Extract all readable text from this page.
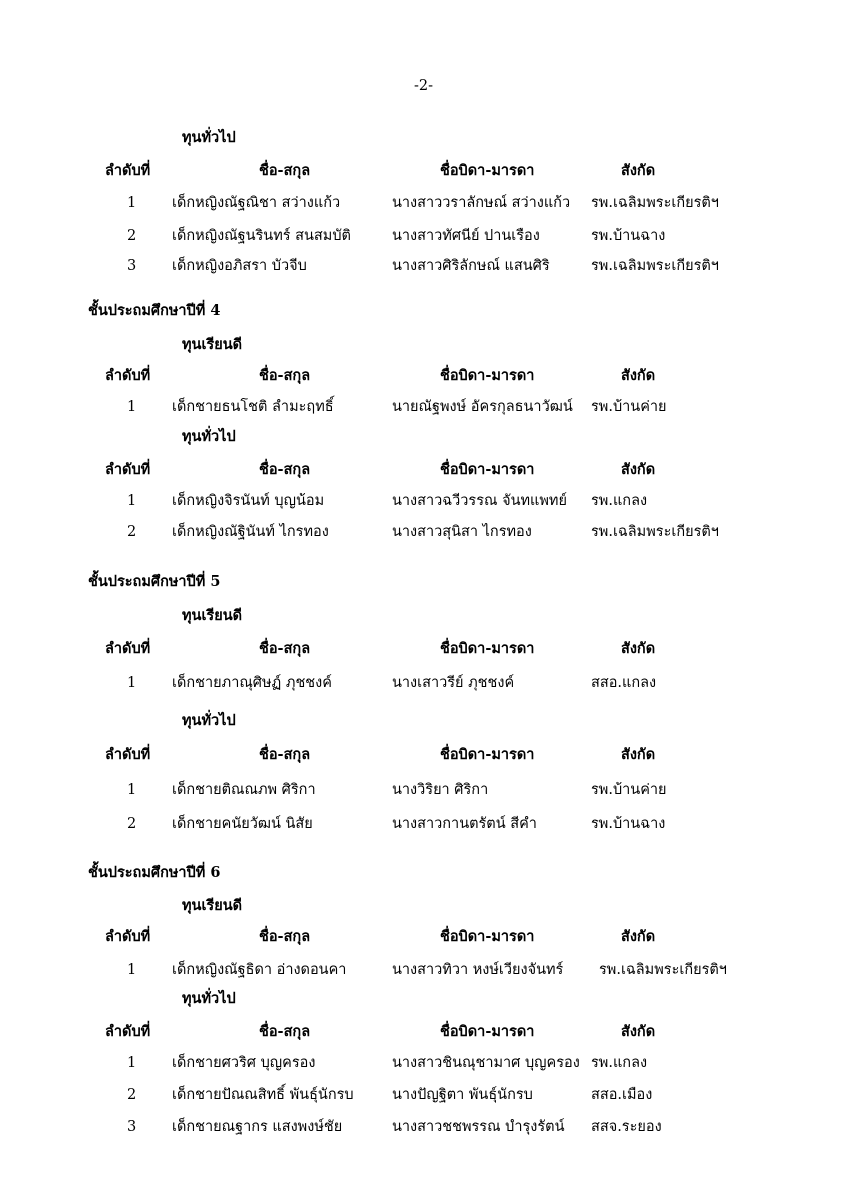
-2-
ทุนทั่วไป
ลำดับที่	ชื่อ-สกุล	ชื่อบิดา-มารดา	สังกัด
1 เด็กหญิงณัฐณิชา สว่างแก้ว	นางสาววราลักษณ์ สว่างแก้ว รพ.เฉลิมพระเกียรติฯ
2 เด็กหญิงณัฐนรินทร์ สนสมบัติ	นางสาวทัศนีย์ ปานเรือง	รพ.บ้านฉาง
3 เด็กหญิงอภิสรา บัวจีบ	นางสาวศิริลักษณ์ แสนศิริ	รพ.เฉลิมพระเกียรติฯ
ชั้นประถมศึกษาปีที่ 4
ทุนเรียนดี
ลำดับที่	ชื่อ-สกุล	ชื่อบิดา-มารดา	สังกัด
1 เด็กชายธนโชติ ลำมะฤทธิ์	นายณัฐพงษ์ อัครกุลธนาวัฒน์ รพ.บ้านค่าย
ทุนทั่วไป
ลำดับที่	ชื่อ-สกุล	ชื่อบิดา-มารดา	สังกัด
1 เด็กหญิงจิรนันท์ บุญน้อม	นางสาวฉวีวรรณ จันทแพทย์ รพ.แกลง
2 เด็กหญิงณัฐินันท์ ไกรทอง	นางสาวสุนิสา ไกรทอง	รพ.เฉลิมพระเกียรติฯ
ชั้นประถมศึกษาปีที่ 5
ทุนเรียนดี
ลำดับที่	ชื่อ-สกุล	ชื่อบิดา-มารดา	สังกัด
1 เด็กชายภาณุศิษฏ์ ภุชชงค์	นางเสาวรีย์ ภุชชงค์	สสอ.แกลง
ทุนทั่วไป
ลำดับที่	ชื่อ-สกุล	ชื่อบิดา-มารดา	สังกัด
1 เด็กชายติณณภพ ศิริกา	นางวิริยา ศิริกา	รพ.บ้านค่าย
2 เด็กชายคนัยวัฒน์ นิสัย	นางสาวกานตรัตน์ สีคำ	รพ.บ้านฉาง
ชั้นประถมศึกษาปีที่ 6
ทุนเรียนดี
ลำดับที่	ชื่อ-สกุล	ชื่อบิดา-มารดา	สังกัด
1 เด็กหญิงณัฐธิดา อ่างดอนคา	นางสาวทิวา หงษ์เวียงจันทร์ รพ.เฉลิมพระเกียรติฯ
ทุนทั่วไป
ลำดับที่	ชื่อ-สกุล	ชื่อบิดา-มารดา	สังกัด
1 เด็กชายศวริศ บุญครอง	นางสาวชินณุชามาศ บุญครอง รพ.แกลง
2 เด็กชายปัณณสิทธิ์ พันธุ์นักรบ	นางปัญฐิตา พันธุ์นักรบ	สสอ.เมือง
3 เด็กชายณฐากร แสงพงษ์ชัย	นางสาวชชพรรณ บำรุงรัตน์ สสจ.ระยอง
